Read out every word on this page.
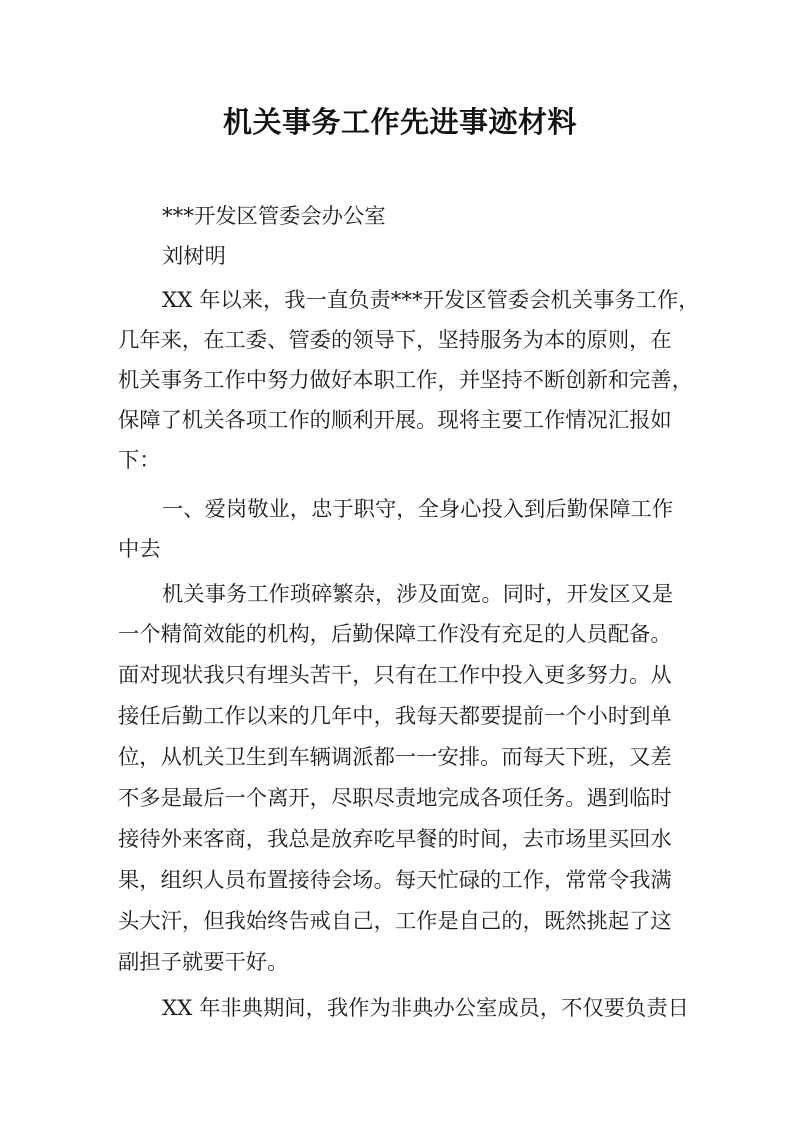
机关事务工作先进事迹材料
***开发区管委会办公室
刘树明
XX 年以来，我一直负责***开发区管委会机关事务工作，
几年来，在工委、管委的领导下，坚持服务为本的原则，在
机关事务工作中努力做好本职工作，并坚持不断创新和完善，
保障了机关各项工作的顺利开展。现将主要工作情况汇报如
下：
一、爱岗敬业，忠于职守，全身心投入到后勤保障工作
中去
机关事务工作琐碎繁杂，涉及面宽。同时，开发区又是
一个精简效能的机构，后勤保障工作没有充足的人员配备。
面对现状我只有埋头苦干，只有在工作中投入更多努力。从
接任后勤工作以来的几年中，我每天都要提前一个小时到单
位，从机关卫生到车辆调派都一一安排。而每天下班，又差
不多是最后一个离开，尽职尽责地完成各项任务。遇到临时
接待外来客商，我总是放弃吃早餐的时间，去市场里买回水
果，组织人员布置接待会场。每天忙碌的工作，常常令我满
头大汗，但我始终告戒自己，工作是自己的，既然挑起了这
副担子就要干好。
XX 年非典期间，我作为非典办公室成员，不仅要负责日
